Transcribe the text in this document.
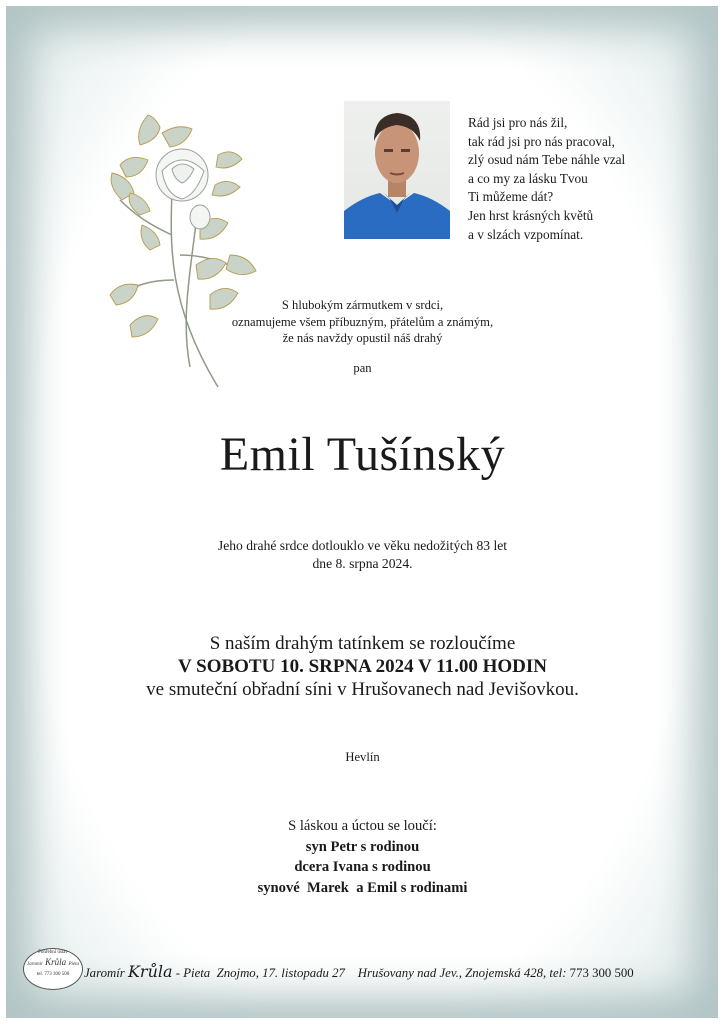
Rád jsi pro nás žil,
tak rád jsi pro nás pracoval,
zlý osud nám Tebe náhle vzal
a co my za lásku Tvou
Ti můžeme dát?
Jen hrst krásných květů
a v slzách vzpomínat.
S hlubokým zármutkem v srdci,
oznamujeme všem příbuzným, přátelům a známým,
že nás navždy opustil náš drahý
pan
Emil Tušínský
Jeho drahé srdce dotlouklo ve věku nedožitých 83 let
dne 8. srpna 2024.
S naším drahým tatínkem se rozloučíme
V SOBOTU 10. SRPNA 2024 V 11.00 HODIN
ve smuteční obřadní síni v Hrušovanech nad Jevišovkou.
Hevlín
S láskou a úctou se loučí:
syn Petr s rodinou
dcera Ivana s rodinou
synové  Marek  a Emil s rodinami
Pohřební ústav
Jaromír Krůla Pieta
tel. 773 300 500	Jaromír Krůla - Pieta  Znojmo, 17. listopadu 27    Hrušovany nad Jev., Znojemská 428, tel: 773 300 500
